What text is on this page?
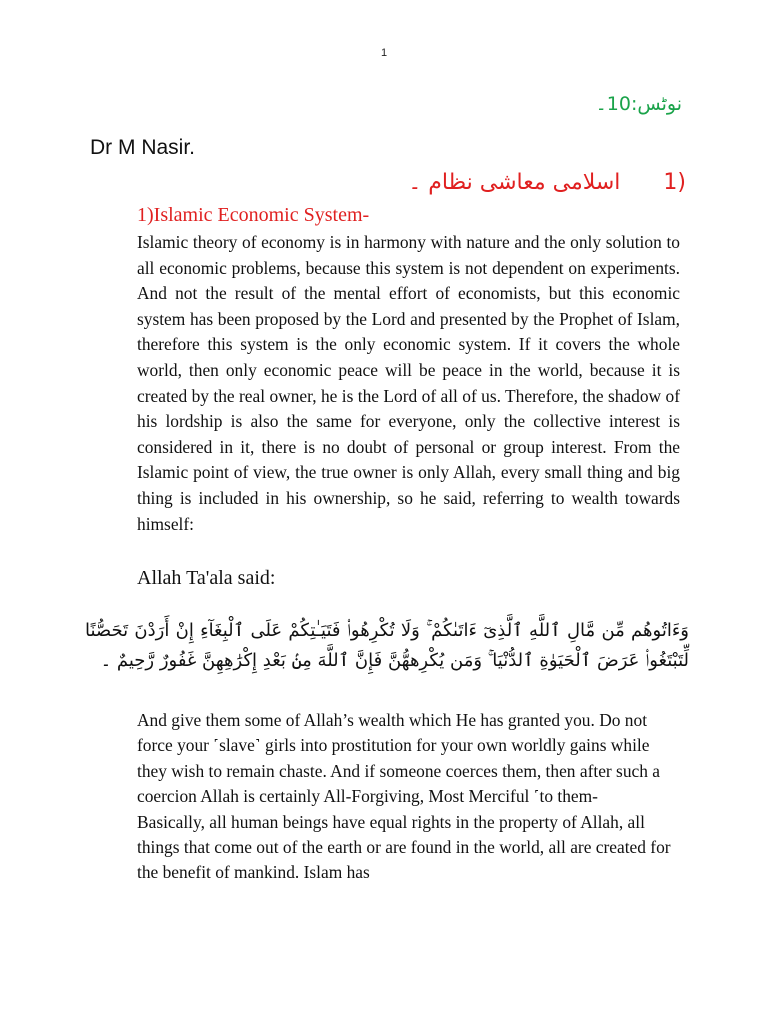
1
نوٹس:10۔
Dr M Nasir.
(1 اسلامی معاشی نظام ۔
1)Islamic Economic System-

Islamic theory of economy is in harmony with nature and the only solution to all economic problems, because this system is not dependent on experiments. And not the result of the mental effort of economists, but this economic system has been proposed by the Lord and presented by the Prophet of Islam, therefore this system is the only economic system. If it covers the whole world, then only economic peace will be peace in the world, because it is created by the real owner, he is the Lord of all of us. Therefore, the shadow of his lordship is also the same for everyone, only the collective interest is considered in it, there is no doubt of personal or group interest. From the Islamic point of view, the true owner is only Allah, every small thing and big thing is included in his ownership, so he said, referring to wealth towards himself:

Allah Ta'ala said:

وَءَاتُوهُم مِّن مَّالِ ٱللَّهِ ٱلَّذِىٓ ءَاتَىٰكُمْ ۚ وَلَا تُكْرِهُوا۟ فَتَيَـٰتِكُمْ عَلَى ٱلْبِغَآءِ إِنْ أَرَدْنَ تَحَصُّنًا لِّتَبْتَغُوا۟ عَرَضَ ٱلْحَيَوٰةِ ٱلدُّنْيَا ۚ وَمَن يُكْرِههُّنَّ فَإِنَّ ٱللَّهَ مِنۢ بَعْدِ إِكْرَٰهِهِنَّ غَفُورٌ رَّحِيمٌ ۔

And give them some of Allah’s wealth which He has granted you. Do not force your ˹slave˺ girls into prostitution for your own worldly gains while they wish to remain chaste. And if someone coerces them, then after such a coercion Allah is certainly All-Forgiving, Most Merciful ˹to them-
Basically, all human beings have equal rights in the property of Allah, all things that come out of the earth or are found in the world, all are created for the benefit of mankind. Islam has
